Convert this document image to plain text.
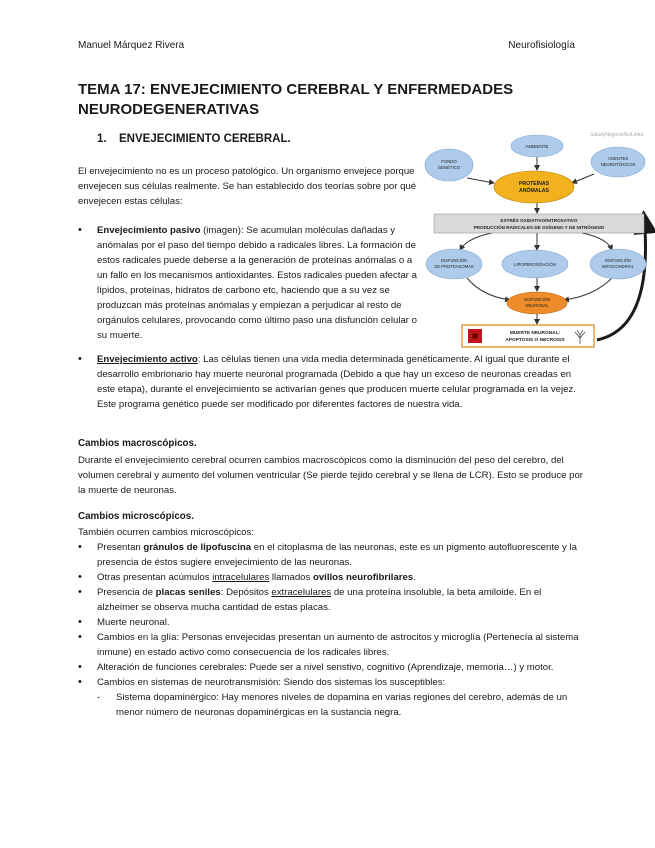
Manuel Márquez Rivera	Neurofisiología
TEMA 17: ENVEJECIMIENTO CEREBRAL Y ENFERMEDADES NEURODEGENERATIVAS
1. ENVEJECIMIENTO CEREBRAL.
El envejecimiento no es un proceso patológico. Un organismo envejece porque envejecen sus células realmente. Se han establecido dos teorías sobre por qué envejecen estas células:
• Envejecimiento pasivo (imagen): Se acumulan moléculas dañadas y anómalas por el paso del tiempo debido a radicales libres. La formación de estos radicales puede deberse a la generación de proteínas anómalas o a un fallo en los mecanismos antioxidantes. Estos radicales pueden afectar a lípidos, proteínas, hidratos de carbono etc, haciendo que a su vez se produzcan más proteínas anómalas y empiezan a perjudicar al resto de orgánulos celulares, provocando como último paso una disfunción celular o su muerte.
• Envejecimiento activo: Las células tienen una vida media determinada genéticamente. Al igual que durante el desarrollo embrionario hay muerte neuronal programada (Debido a que hay un exceso de neuronas creadas en este etapa), durante el envejecimiento se activarían genes que producen muerte celular programada en la vejez. Este programa genético puede ser modificado por diferentes factores de nuestra vida.
Cambios macroscópicos.
Durante el envejecimiento cerebral ocurren cambios macroscópicos como la disminución del peso del cerebro, del volumen cerebral y aumento del volumen ventricular (Se pierde tejido cerebral y se llena de LCR). Esto se produce por la muerte de neuronas.
Cambios microscópicos.
También ocurren cambios microscópicos:
• Presentan gránulos de lipofuscina en el citoplasma de las neuronas, este es un pigmento autofluorescente y la presencia de éstos sugiere envejecimiento de las neuronas.
• Otras presentan acúmulos intracelulares llamados ovillos neurofibrilares.
• Presencia de placas seniles: Depósitos extracelulares de una proteína insoluble, la beta amiloide. En el alzheimer se observa mucha cantidad de estas placas.
• Muerte neuronal.
• Cambios en la glía: Personas envejecidas presentan un aumento de astrocitos y microglía (Pertenecía al sistema inmune) en estado activo como consecuencia de los radicales libres.
• Alteración de funciones cerebrales: Puede ser a nivel senstivo, cognitivo (Aprendizaje, memoria…) y motor.
• Cambios en sistemas de neurotransmisión: Siendo dos sistemas los susceptibles:
- Sistema dopaminérgico: Hay menores niveles de dopamina en varias regiones del cerebro, además de un menor número de neuronas dopaminérgicas en la sustancia negra.
SaludyNegocio/EnLinea
FONDO
GENÉTICO
AMBIENTE
AGENTES
NEUROTÓXICOS
PROTEÍNAS
ANÓMALAS
ESTRÉS OXIDATIVO/NITROSATIVO
PRODUCCIÓN RADICALES DE OXÍGENO Y DE NITRÓGENO
DISFUNCIÓN
DE PROTEASOMAS	LIPOPEROXIDACIÓN
DISFUNCIÓN
MITOCONDRIAL
DISFUNCIÓN
NEURONAL
MUERTE NEURONAL:
APOPTOSIS O NECROSIS
